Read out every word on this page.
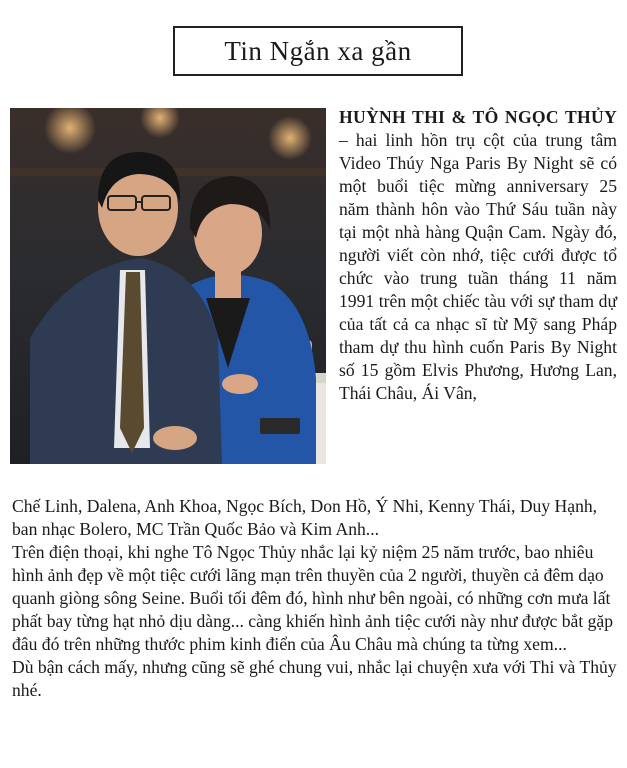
Tin Ngắn xa gần

HUỲNH THI & TÔ NGỌC THỦY – hai linh hồn trụ cột của trung tâm Video Thúy Nga Paris By Night sẽ có một buổi tiệc mừng anniversary 25 năm thành hôn vào Thứ Sáu tuần này tại một nhà hàng Quận Cam. Ngày đó, người viết còn nhớ, tiệc cưới được tổ chức vào trung tuần tháng 11 năm 1991 trên một chiếc tàu với sự tham dự của tất cả ca nhạc sĩ từ Mỹ sang Pháp tham dự thu hình cuốn Paris By Night số 15 gồm Elvis Phương, Hương Lan, Thái Châu, Ái Vân,

Chế Linh, Dalena, Anh Khoa, Ngọc Bích, Don Hồ, Ý Nhi, Kenny Thái, Duy Hạnh, ban nhạc Bolero, MC Trần Quốc Bảo và Kim Anh...

Trên điện thoại, khi nghe Tô Ngọc Thủy nhắc lại kỷ niệm 25 năm trước, bao nhiêu hình ảnh đẹp về một tiệc cưới lãng mạn trên thuyền của 2 người, thuyền cả đêm dạo quanh giòng sông Seine. Buổi tối đêm đó, hình như bên ngoài, có những cơn mưa lất phất bay từng hạt nhỏ dịu dàng... càng khiến hình ảnh tiệc cưới này như được bắt gặp đâu đó trên những thước phim kinh điển của Âu Châu mà chúng ta từng xem...

Dù bận cách mấy, nhưng cũng sẽ ghé chung vui, nhắc lại chuyện xưa với Thi và Thủy nhé.
